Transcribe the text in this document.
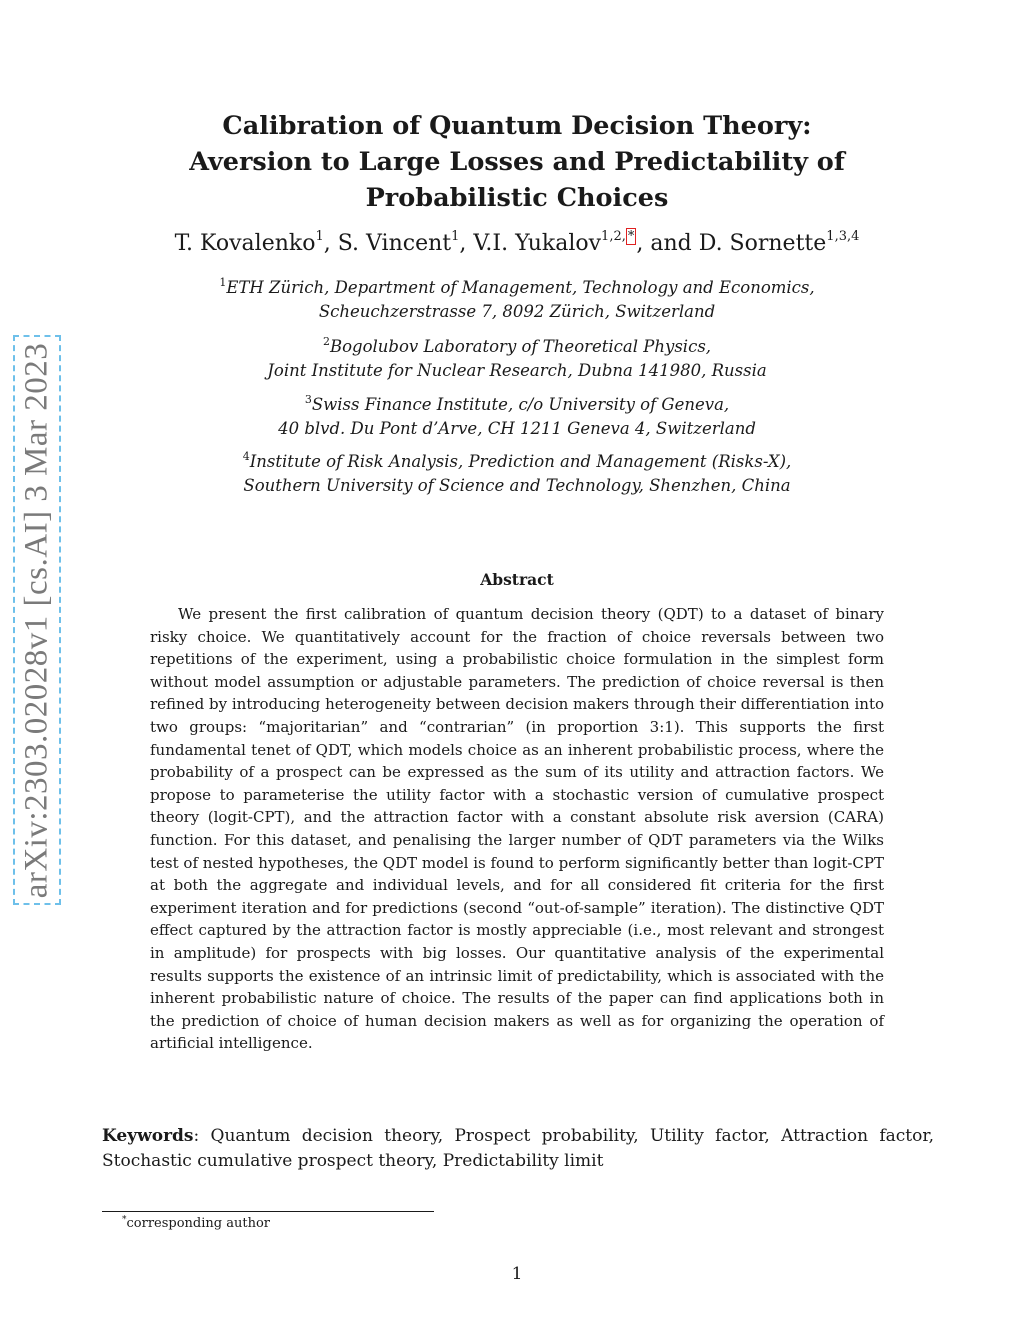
arXiv:2303.02028v1 [cs.AI] 3 Mar 2023
Calibration of Quantum Decision Theory:
Aversion to Large Losses and Predictability of
Probabilistic Choices
T. Kovalenko$^1$, S. Vincent$^1$, V.I. Yukalov$^{1,2, *}$, and D. Sornette$^{1,3,4}$
$^1$ETH Zürich, Department of Management, Technology and Economics,
Scheuchzerstrasse 7, 8092 Zürich, Switzerland
$^2$Bogolubov Laboratory of Theoretical Physics,
Joint Institute for Nuclear Research, Dubna 141980, Russia
$^3$Swiss Finance Institute, c/o University of Geneva,
40 blvd. Du Pont d’Arve, CH 1211 Geneva 4, Switzerland
$^4$Institute of Risk Analysis, Prediction and Management (Risks-X),
Southern University of Science and Technology, Shenzhen, China
Abstract

We present the first calibration of quantum decision theory (QDT) to a dataset of binary risky choice. We quantitatively account for the fraction of choice reversals between two repetitions of the experiment, using a probabilistic choice formulation in the simplest form without model assumption or adjustable parameters. The prediction of choice reversal is then refined by introducing heterogeneity between decision makers through their differentiation into two groups: “majoritarian” and “contrarian” (in proportion 3:1). This supports the first fundamental tenet of QDT, which models choice as an inherent probabilistic process, where the probability of a prospect can be expressed as the sum of its utility and attraction factors. We propose to parameterise the utility factor with a stochastic version of cumulative prospect theory (logit-CPT), and the attraction factor with a constant absolute risk aversion (CARA) function. For this dataset, and penalising the larger number of QDT parameters via the Wilks test of nested hypotheses, the QDT model is found to perform significantly better than logit-CPT at both the aggregate and individual levels, and for all considered fit criteria for the first experiment iteration and for predictions (second “out-of-sample” iteration). The distinctive QDT effect captured by the attraction factor is mostly appreciable (i.e., most relevant and strongest in amplitude) for prospects with big losses. Our quantitative analysis of the experimental results supports the existence of an intrinsic limit of predictability, which is associated with the inherent probabilistic nature of choice. The results of the paper can find applications both in the prediction of choice of human decision makers as well as for organizing the operation of artificial intelligence.

Keywords: Quantum decision theory, Prospect probability, Utility factor, Attraction factor, Stochastic cumulative prospect theory, Predictability limit
*corresponding author
1
